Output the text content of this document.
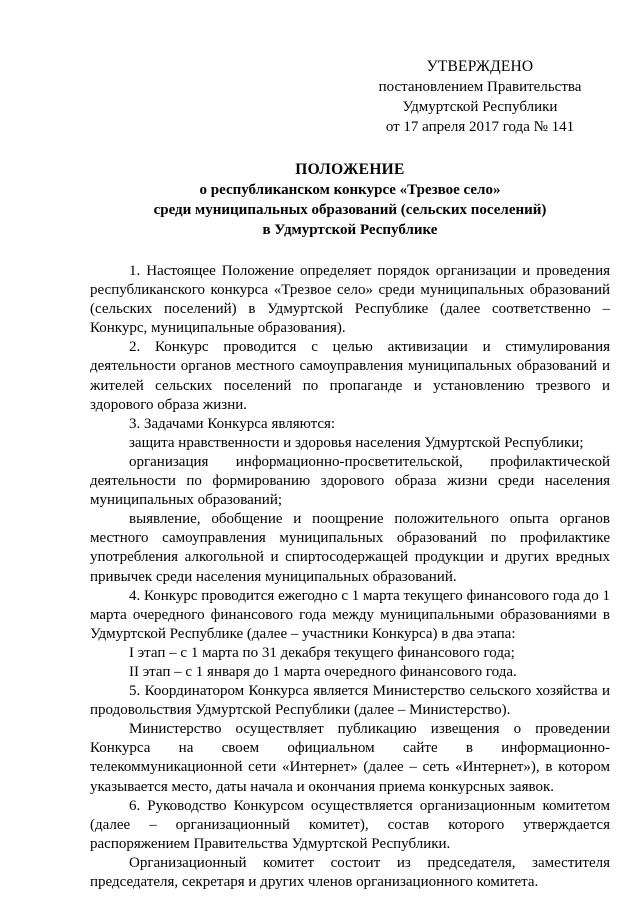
УТВЕРЖДЕНО
постановлением Правительства
Удмуртской Республики
от 17 апреля 2017 года № 141
ПОЛОЖЕНИЕ
о республиканском конкурсе «Трезвое село»
среди муниципальных образований (сельских поселений)
в Удмуртской Республике

1. Настоящее Положение определяет порядок организации и проведения республиканского конкурса «Трезвое село» среди муниципальных образований (сельских поселений) в Удмуртской Республике (далее соответственно – Конкурс, муниципальные образования).

2. Конкурс проводится с целью активизации и стимулирования деятельности органов местного самоуправления муниципальных образований и жителей сельских поселений по пропаганде и установлению трезвого и здорового образа жизни.

3. Задачами Конкурса являются:

защита нравственности и здоровья населения Удмуртской Республики;

организация информационно-просветительской, профилактической деятельности по формированию здорового образа жизни среди населения муниципальных образований;

выявление, обобщение и поощрение положительного опыта органов местного самоуправления муниципальных образований по профилактике употребления алкогольной и спиртосодержащей продукции и других вредных привычек среди населения муниципальных образований.

4. Конкурс проводится ежегодно с 1 марта текущего финансового года до 1 марта очередного финансового года между муниципальными образованиями в Удмуртской Республике (далее – участники Конкурса) в два этапа:

I этап – с 1 марта по 31 декабря текущего финансового года;

II этап – с 1 января до 1 марта очередного финансового года.

5. Координатором Конкурса является Министерство сельского хозяйства и продовольствия Удмуртской Республики (далее – Министерство).

Министерство осуществляет публикацию извещения о проведении Конкурса на своем официальном сайте в информационно-телекоммуникационной сети «Интернет» (далее – сеть «Интернет»), в котором указывается место, даты начала и окончания приема конкурсных заявок.

6. Руководство Конкурсом осуществляется организационным комитетом (далее – организационный комитет), состав которого утверждается распоряжением Правительства Удмуртской Республики.

Организационный комитет состоит из председателя, заместителя председателя, секретаря и других членов организационного комитета.
